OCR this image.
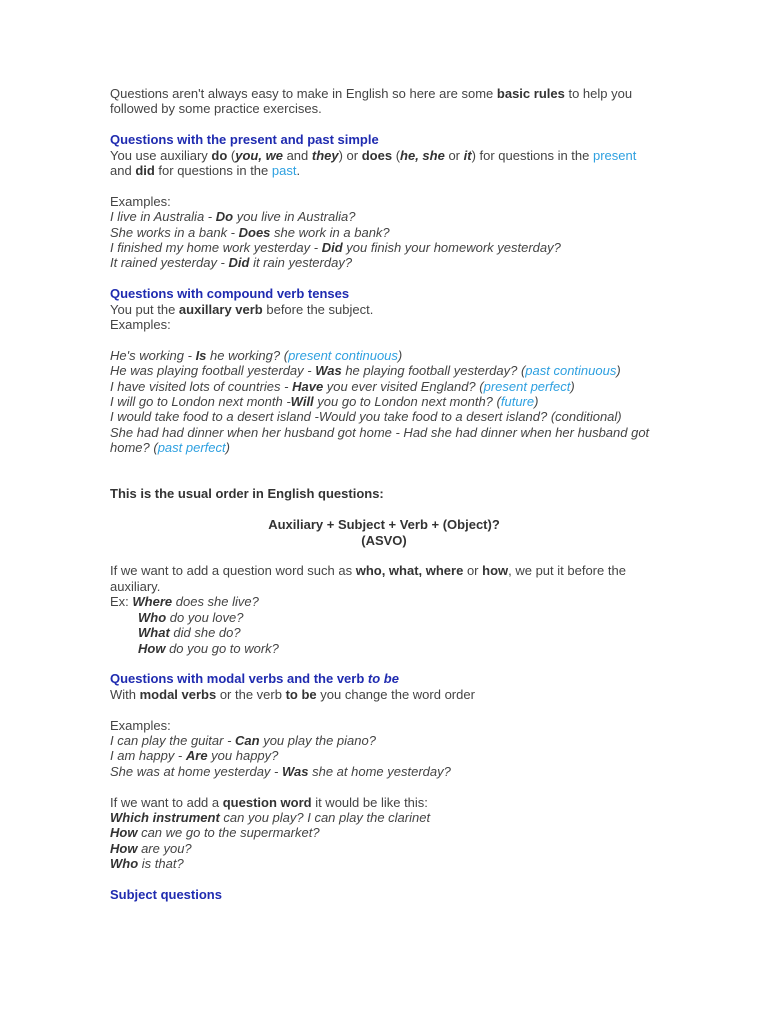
Questions aren't always easy to make in English so here are some basic rules to help you followed by some practice exercises.

Questions with the present and past simple

You use auxiliary do (you, we and they) or does (he, she or it) for questions in the present and did for questions in the past.

Examples:

I live in Australia - Do you live in Australia?

She works in a bank - Does she work in a bank?

I finished my home work yesterday - Did you finish your homework yesterday?

It rained yesterday - Did it rain yesterday?

Questions with compound verb tenses

You put the auxillary verb before the subject.

Examples:

He's working - Is he working? (present continuous)

He was playing football yesterday - Was he playing football yesterday? (past continuous)

I have visited lots of countries - Have you ever visited England? (present perfect)

I will go to London next month -Will you go to London next month? (future)

I would take food to a desert island -Would you take food to a desert island? (conditional)

She had had dinner when her husband got home - Had she had dinner when her husband got home? (past perfect)

This is the usual order in English questions:

Auxiliary + Subject + Verb + (Object)?

(ASVO)

If we want to add a question word such as who, what, where or how, we put it before the auxiliary.

Ex: Where does she live?

Who do you love?

What did she do?

How do you go to work?

Questions with modal verbs and the verb to be

With modal verbs or the verb to be you change the word order

Examples:

I can play the guitar - Can you play the piano?

I am happy - Are you happy?

She was at home yesterday - Was she at home yesterday?

If we want to add a question word it would be like this:

Which instrument can you play? I can play the clarinet

How can we go to the supermarket?

How are you?

Who is that?

Subject questions
